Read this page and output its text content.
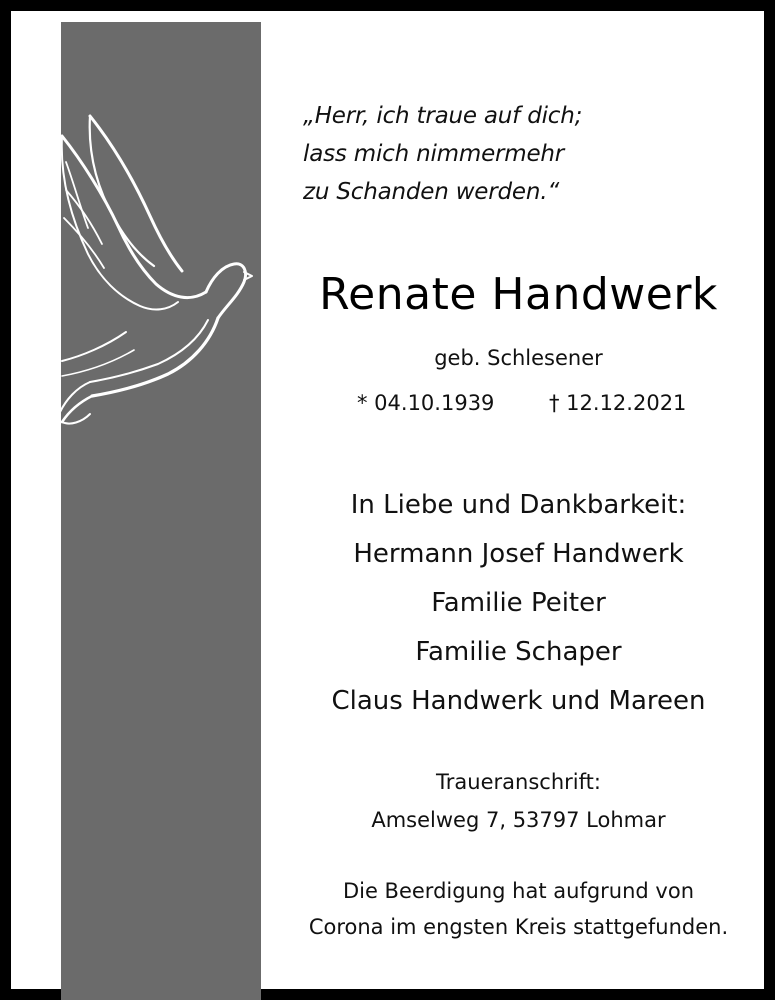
„Herr, ich traue auf dich;
lass mich nimmermehr
zu Schanden werden.“
Renate Handwerk
geb. Schlesener
* 04.10.1939	† 12.12.2021
In Liebe und Dankbarkeit:
Hermann Josef Handwerk
Familie Peiter
Familie Schaper
Claus Handwerk und Mareen
Traueranschrift:
Amselweg 7, 53797 Lohmar
Die Beerdigung hat aufgrund von
Corona im engsten Kreis stattgefunden.
